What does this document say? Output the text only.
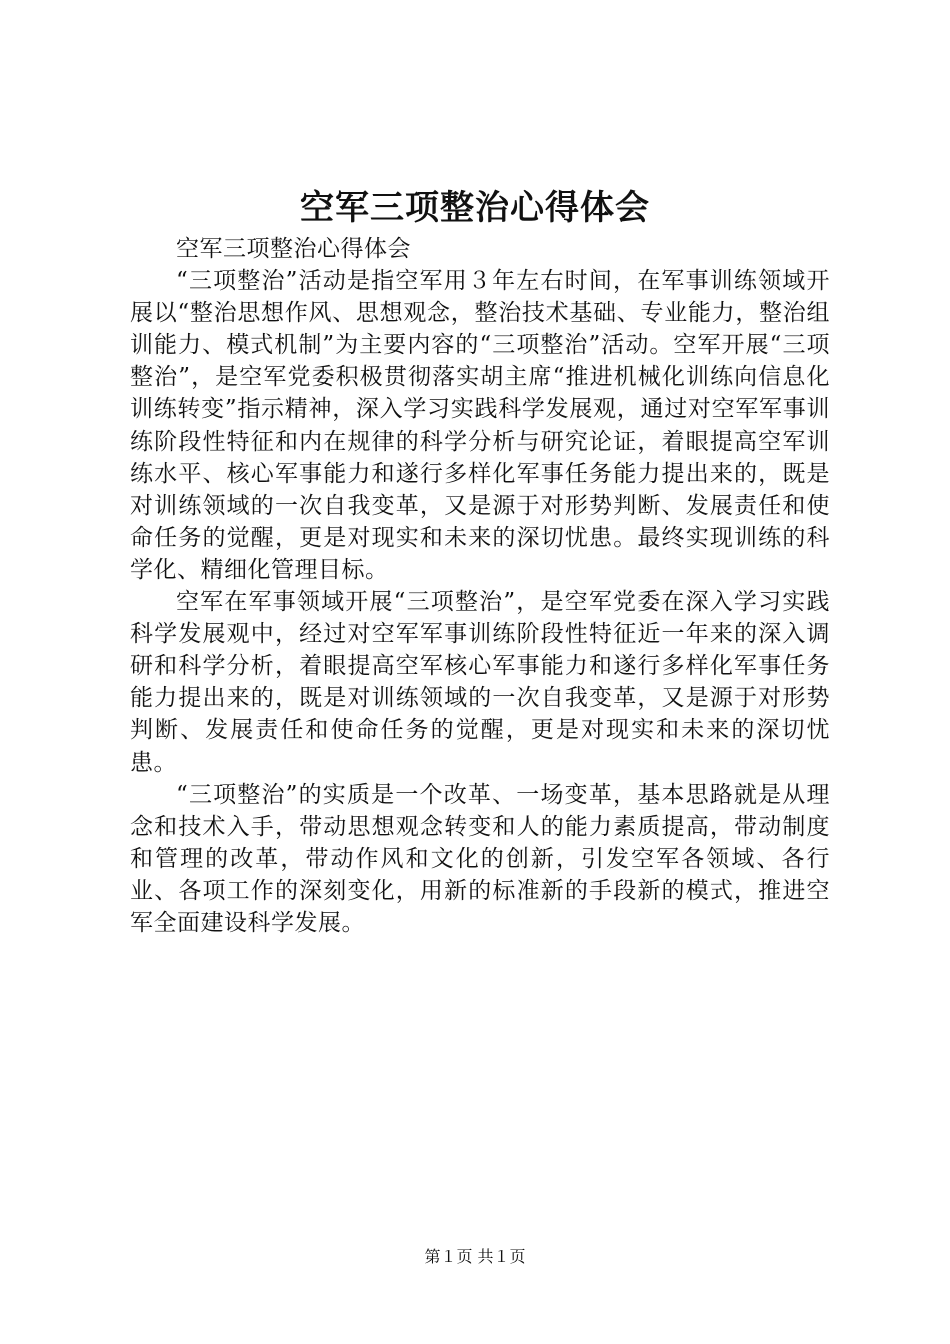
空军三项整治心得体会

空军三项整治心得体会

“三项整治”活动是指空军用３年左右时间，在军事训练领域开展以“整治思想作风、思想观念，整治技术基础、专业能力，整治组训能力、模式机制”为主要内容的“三项整治”活动。空军开展“三项整治”，是空军党委积极贯彻落实胡主席“推进机械化训练向信息化训练转变”指示精神，深入学习实践科学发展观，通过对空军军事训练阶段性特征和内在规律的科学分析与研究论证，着眼提高空军训练水平、核心军事能力和遂行多样化军事任务能力提出来的，既是对训练领域的一次自我变革，又是源于对形势判断、发展责任和使命任务的觉醒，更是对现实和未来的深切忧患。最终实现训练的科学化、精细化管理目标。

空军在军事领域开展“三项整治”，是空军党委在深入学习实践科学发展观中，经过对空军军事训练阶段性特征近一年来的深入调研和科学分析，着眼提高空军核心军事能力和遂行多样化军事任务能力提出来的，既是对训练领域的一次自我变革，又是源于对形势判断、发展责任和使命任务的觉醒，更是对现实和未来的深切忧患。

“三项整治”的实质是一个改革、一场变革，基本思路就是从理念和技术入手，带动思想观念转变和人的能力素质提高，带动制度和管理的改革，带动作风和文化的创新，引发空军各领域、各行业、各项工作的深刻变化，用新的标准新的手段新的模式，推进空军全面建设科学发展。

第１页 共１页
